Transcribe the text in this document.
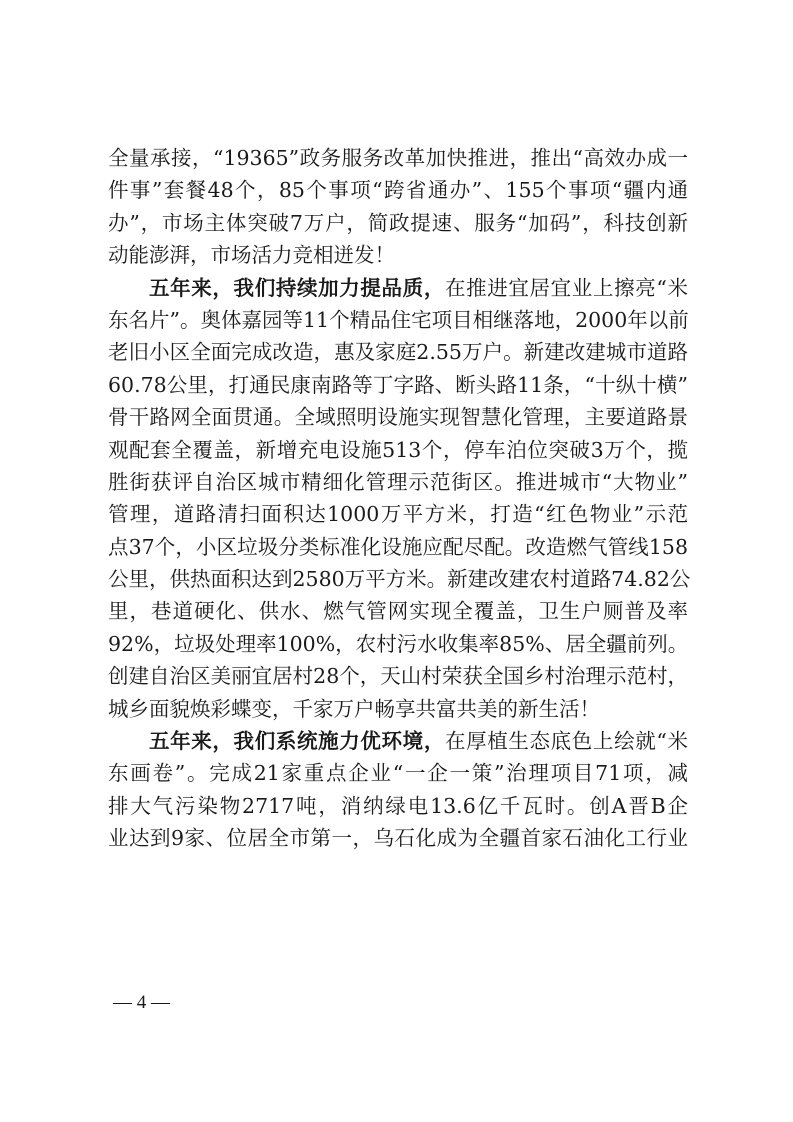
全量承接，“19365”政务服务改革加快推进，推出“高效办成一
件事”套餐48个，85个事项“跨省通办”、155个事项“疆内通
办”，市场主体突破7万户，简政提速、服务“加码”，科技创新
动能澎湃，市场活力竞相迸发！
五年来，我们持续加力提品质，在推进宜居宜业上擦亮“米
东名片”。奥体嘉园等11个精品住宅项目相继落地，2000年以前
老旧小区全面完成改造，惠及家庭2.55万户。新建改建城市道路
60.78公里，打通民康南路等丁字路、断头路11条，“十纵十横”
骨干路网全面贯通。全域照明设施实现智慧化管理，主要道路景
观配套全覆盖，新增充电设施513个，停车泊位突破3万个，揽
胜街获评自治区城市精细化管理示范街区。推进城市“大物业”
管理，道路清扫面积达1000万平方米，打造“红色物业”示范
点37个，小区垃圾分类标准化设施应配尽配。改造燃气管线158
公里，供热面积达到2580万平方米。新建改建农村道路74.82公
里，巷道硬化、供水、燃气管网实现全覆盖，卫生户厕普及率
92%，垃圾处理率100%，农村污水收集率85%、居全疆前列。
创建自治区美丽宜居村28个，天山村荣获全国乡村治理示范村，
城乡面貌焕彩蝶变，千家万户畅享共富共美的新生活！
五年来，我们系统施力优环境，在厚植生态底色上绘就“米
东画卷”。完成21家重点企业“一企一策”治理项目71项，减
排大气污染物2717吨，消纳绿电13.6亿千瓦时。创A晋B企
业达到9家、位居全市第一，乌石化成为全疆首家石油化工行业
— 4 —
